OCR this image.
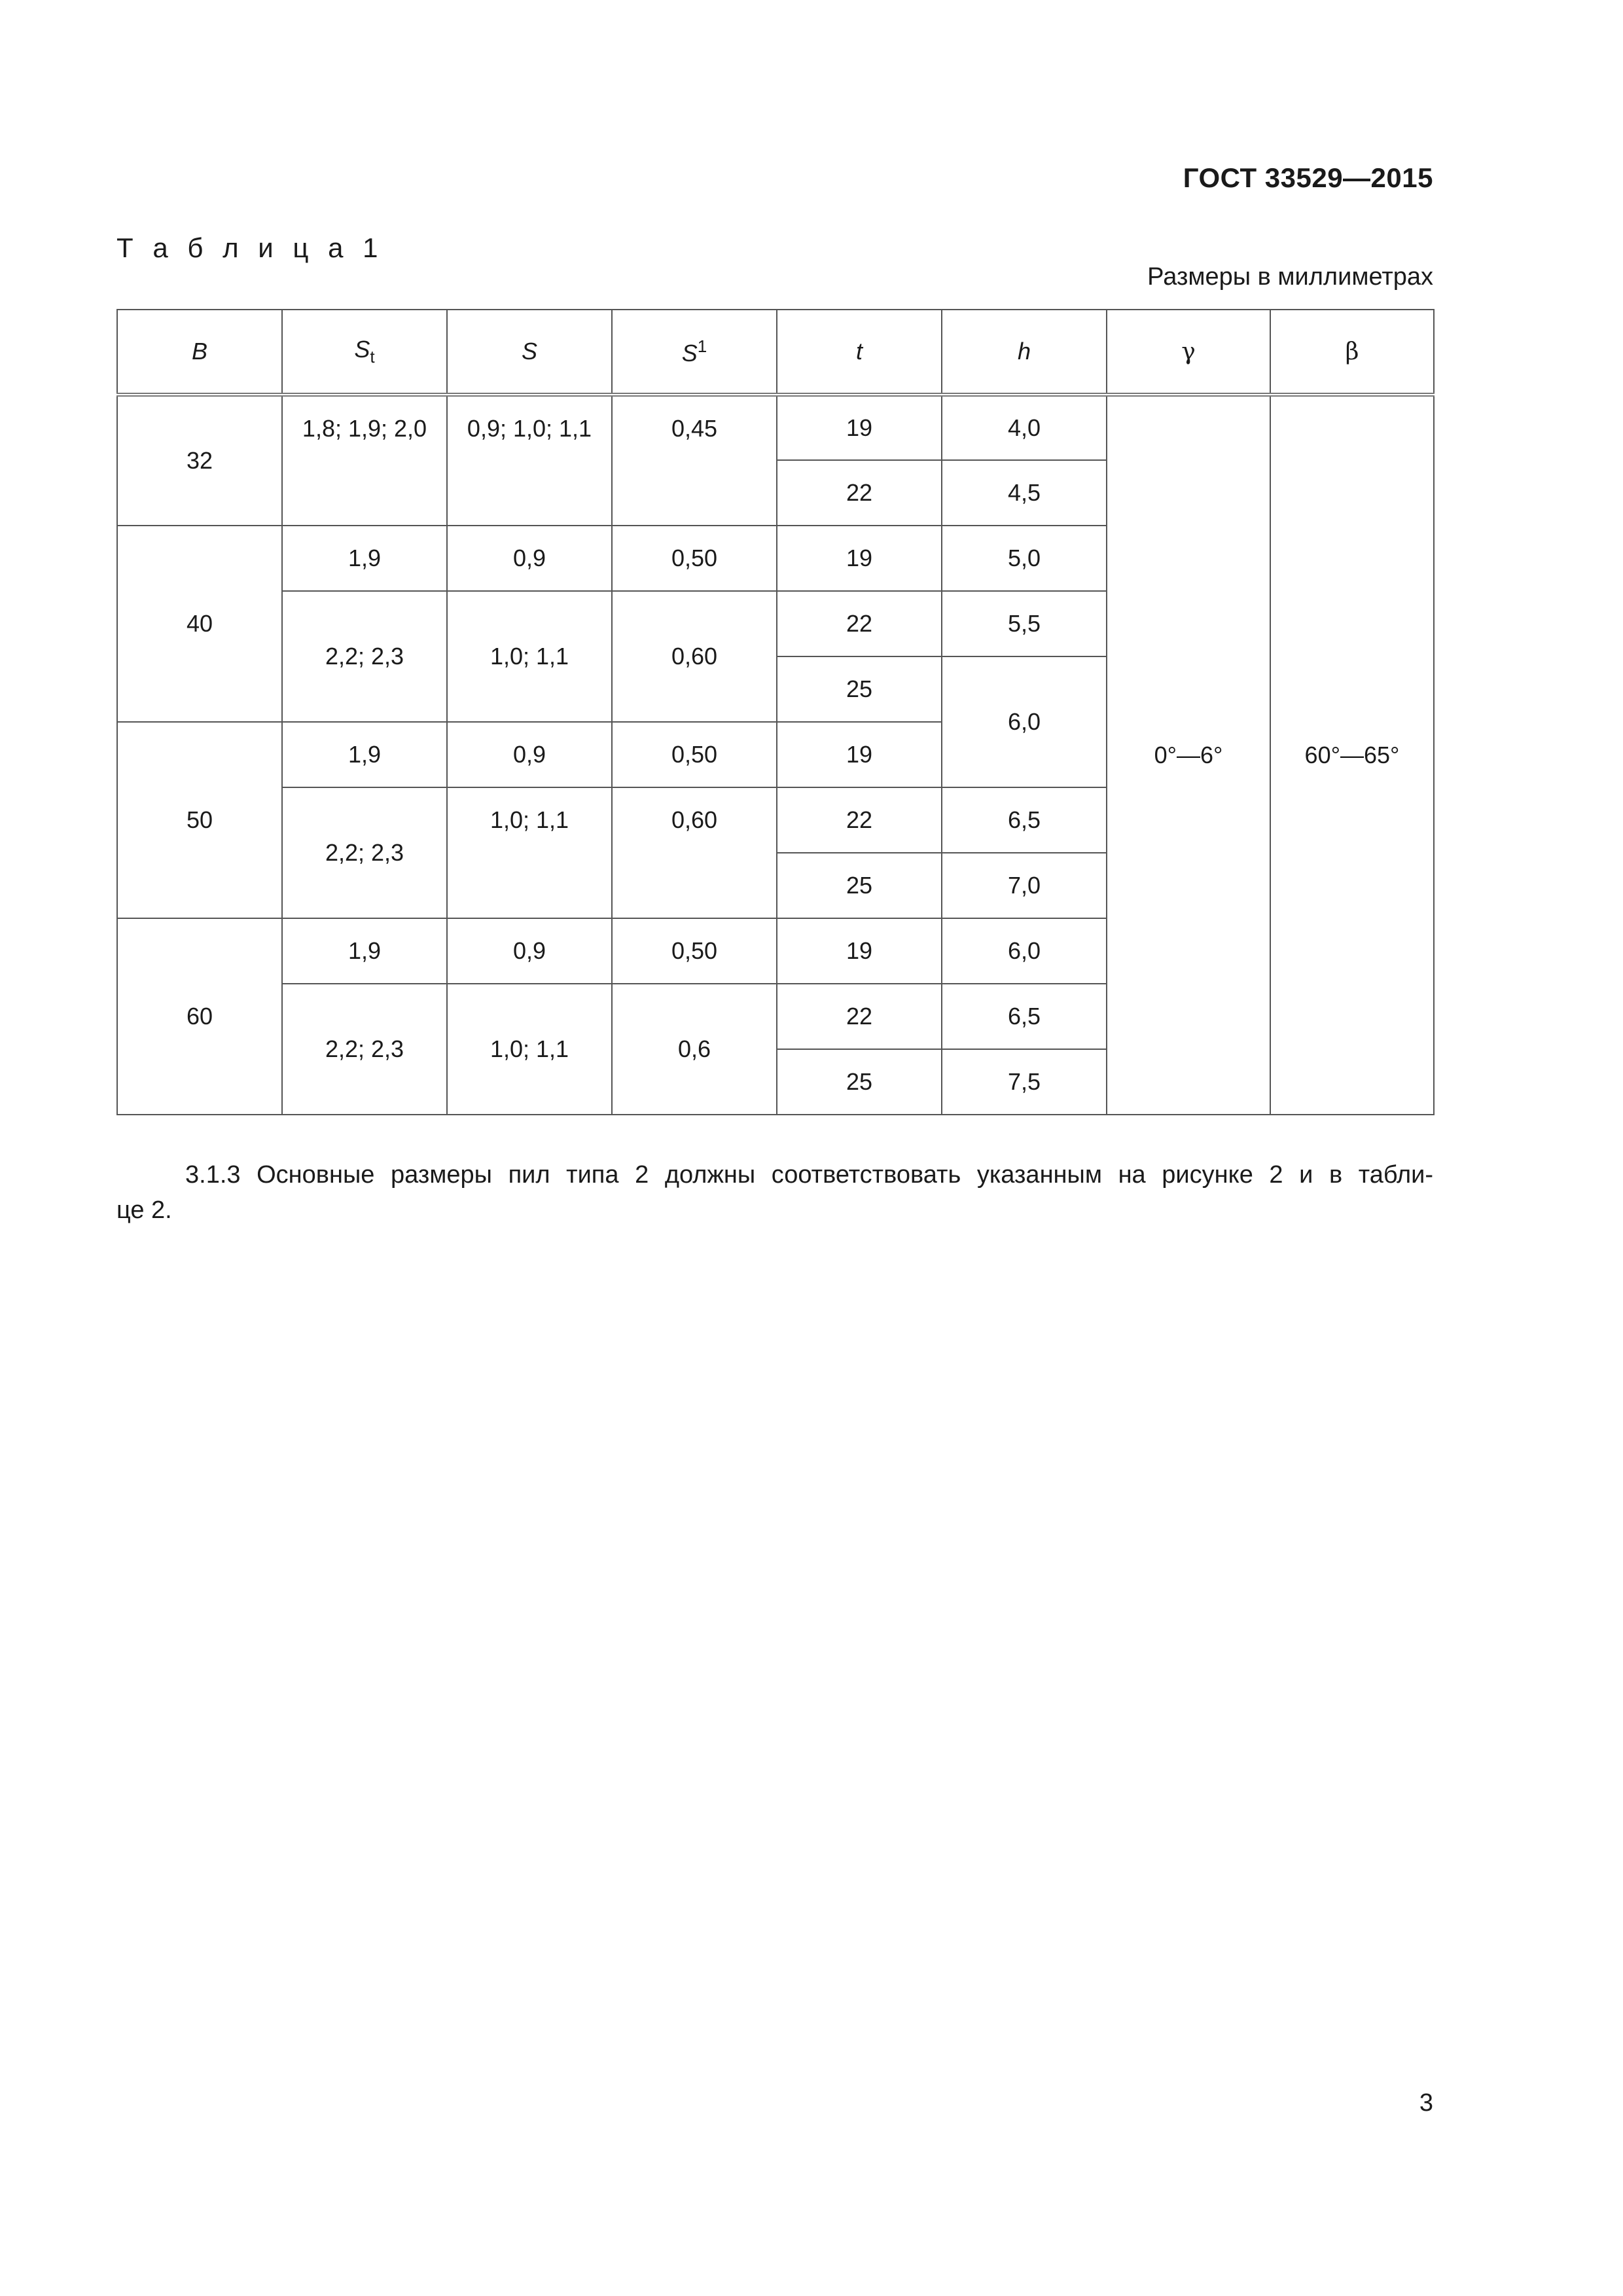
ГОСТ 33529—2015
Т а б л и ц а 1
Размеры в миллиметрах
B	$S_t$	S	$S^1$	t	h	γ	β
32	1,8; 1,9; 2,0	0,9; 1,0; 1,1	0,45	19	4,0	0°—6°	60°—65°
				22	4,5		
40	1,9	0,9	0,50	19	5,0		
	2,2; 2,3	1,0; 1,1	0,60	22	5,5		
				25	6,0		
50	1,9	0,9	0,50	19			
	2,2; 2,3	1,0; 1,1	0,60	22	6,5		
				25	7,0		
60	1,9	0,9	0,50	19	6,0		
	2,2; 2,3	1,0; 1,1	0,6	22	6,5		
				25	7,5		
3.1.3 Основные размеры пил типа 2 должны соответствовать указанным на рисунке 2 и в табли-
це 2.
3
